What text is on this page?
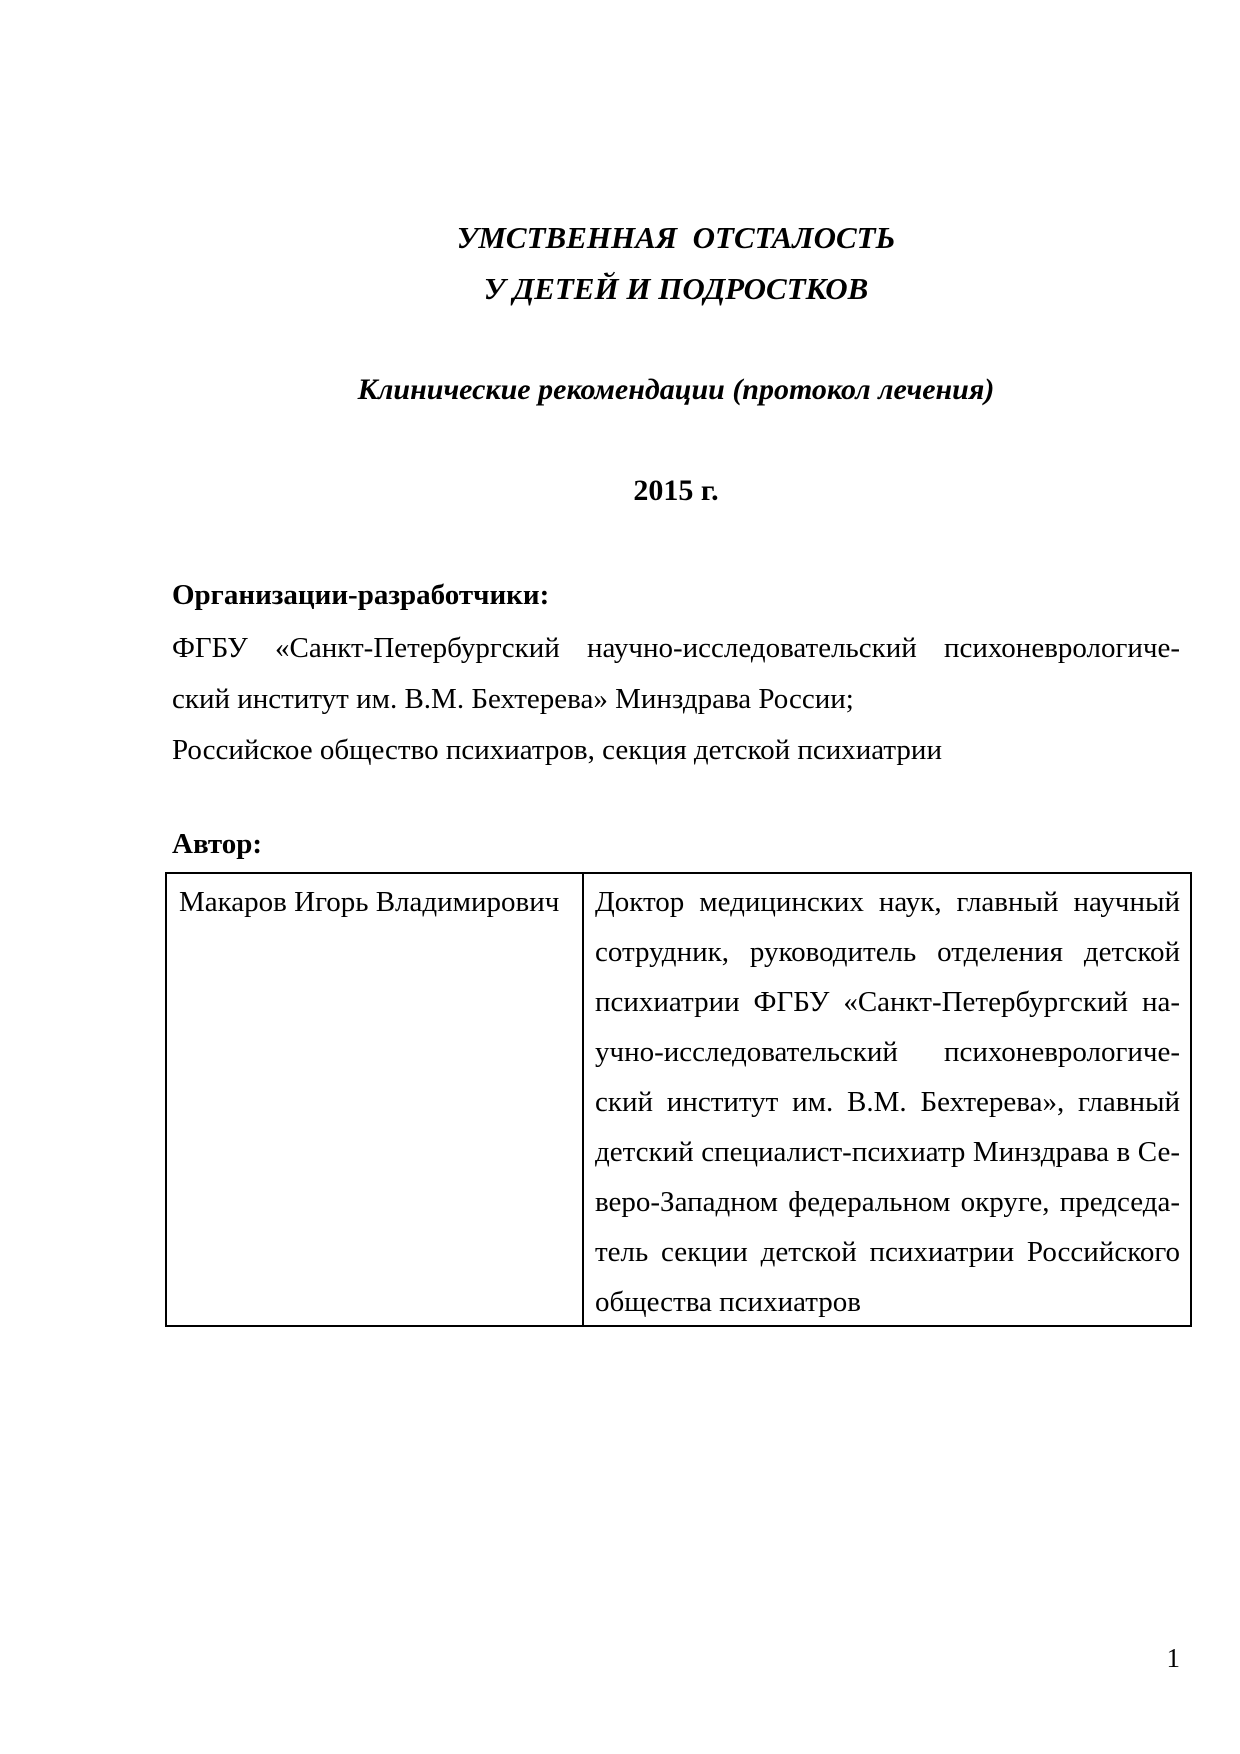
УМСТВЕННАЯ  ОТСТАЛОСТЬ
У ДЕТЕЙ И ПОДРОСТКОВ
Клинические рекомендации (протокол лечения)
2015 г.
Организации-разработчики:
ФГБУ «Санкт-Петербургский научно-исследовательский психоневрологиче-
ский институт им. В.М. Бехтерева» Минздрава России;
Российское общество психиатров, секция детской психиатрии
Автор:
Макаров Игорь Владимирович	Доктор медицинских наук, главный научный
сотрудник, руководитель отделения детской
психиатрии ФГБУ «Санкт-Петербургский на-
учно-исследовательский психоневрологиче-
ский институт им. В.М. Бехтерева», главный
детский специалист-психиатр Минздрава в Се-
веро-Западном федеральном округе, председа-
тель секции детской психиатрии Российского
общества психиатров
1
